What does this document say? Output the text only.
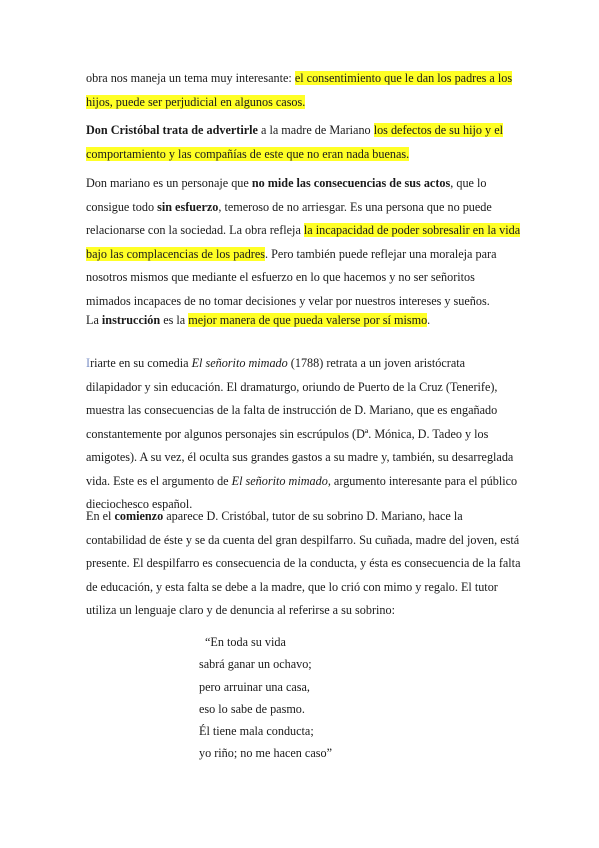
obra nos maneja un tema muy interesante: el consentimiento que le dan los padres a los hijos, puede ser perjudicial en algunos casos.

Don Cristóbal trata de advertirle a la madre de Mariano los defectos de su hijo y el comportamiento y las compañías de este que no eran nada buenas.

Don mariano es un personaje que no mide las consecuencias de sus actos, que lo consigue todo sin esfuerzo, temeroso de no arriesgar. Es una persona que no puede relacionarse con la sociedad. La obra refleja la incapacidad de poder sobresalir en la vida bajo las complacencias de los padres. Pero también puede reflejar una moraleja para nosotros mismos que mediante el esfuerzo en lo que hacemos y no ser señoritos mimados incapaces de no tomar decisiones y velar por nuestros intereses y sueños.

La instrucción es la mejor manera de que pueda valerse por sí mismo.

Iriarte en su comedia El señorito mimado (1788) retrata a un joven aristócrata dilapidador y sin educación. El dramaturgo, oriundo de Puerto de la Cruz (Tenerife), muestra las consecuencias de la falta de instrucción de D. Mariano, que es engañado constantemente por algunos personajes sin escrúpulos (Dª. Mónica, D. Tadeo y los amigotes). A su vez, él oculta sus grandes gastos a su madre y, también, su desarreglada vida. Este es el argumento de El señorito mimado, argumento interesante para el público dieciochesco español.

En el comienzo aparece D. Cristóbal, tutor de su sobrino D. Mariano, hace la contabilidad de éste y se da cuenta del gran despilfarro. Su cuñada, madre del joven, está presente. El despilfarro es consecuencia de la conducta, y ésta es consecuencia de la falta de educación, y esta falta se debe a la madre, que lo crió con mimo y regalo. El tutor utiliza un lenguaje claro y de denuncia al referirse a su sobrino:

“En toda su vida
sabrá ganar un ochavo;
pero arruinar una casa,
eso lo sabe de pasmo.
Él tiene mala conducta;
yo riño; no me hacen caso”
